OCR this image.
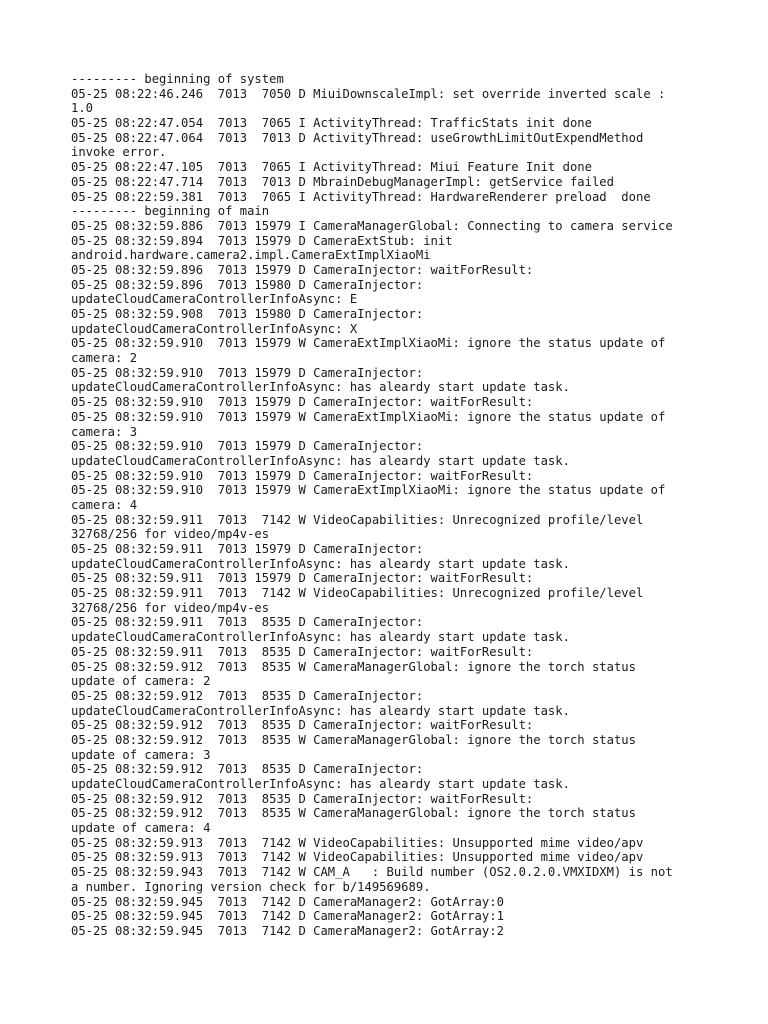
--------- beginning of system
05-25 08:22:46.246  7013  7050 D MiuiDownscaleImpl: set override inverted scale :
1.0
05-25 08:22:47.054  7013  7065 I ActivityThread: TrafficStats init done
05-25 08:22:47.064  7013  7013 D ActivityThread: useGrowthLimitOutExpendMethod
invoke error.
05-25 08:22:47.105  7013  7065 I ActivityThread: Miui Feature Init done
05-25 08:22:47.714  7013  7013 D MbrainDebugManagerImpl: getService failed
05-25 08:22:59.381  7013  7065 I ActivityThread: HardwareRenderer preload  done
--------- beginning of main
05-25 08:32:59.886  7013 15979 I CameraManagerGlobal: Connecting to camera service
05-25 08:32:59.894  7013 15979 D CameraExtStub: init
android.hardware.camera2.impl.CameraExtImplXiaoMi
05-25 08:32:59.896  7013 15979 D CameraInjector: waitForResult:
05-25 08:32:59.896  7013 15980 D CameraInjector:
updateCloudCameraControllerInfoAsync: E
05-25 08:32:59.908  7013 15980 D CameraInjector:
updateCloudCameraControllerInfoAsync: X
05-25 08:32:59.910  7013 15979 W CameraExtImplXiaoMi: ignore the status update of
camera: 2
05-25 08:32:59.910  7013 15979 D CameraInjector:
updateCloudCameraControllerInfoAsync: has aleardy start update task.
05-25 08:32:59.910  7013 15979 D CameraInjector: waitForResult:
05-25 08:32:59.910  7013 15979 W CameraExtImplXiaoMi: ignore the status update of
camera: 3
05-25 08:32:59.910  7013 15979 D CameraInjector:
updateCloudCameraControllerInfoAsync: has aleardy start update task.
05-25 08:32:59.910  7013 15979 D CameraInjector: waitForResult:
05-25 08:32:59.910  7013 15979 W CameraExtImplXiaoMi: ignore the status update of
camera: 4
05-25 08:32:59.911  7013  7142 W VideoCapabilities: Unrecognized profile/level
32768/256 for video/mp4v-es
05-25 08:32:59.911  7013 15979 D CameraInjector:
updateCloudCameraControllerInfoAsync: has aleardy start update task.
05-25 08:32:59.911  7013 15979 D CameraInjector: waitForResult:
05-25 08:32:59.911  7013  7142 W VideoCapabilities: Unrecognized profile/level
32768/256 for video/mp4v-es
05-25 08:32:59.911  7013  8535 D CameraInjector:
updateCloudCameraControllerInfoAsync: has aleardy start update task.
05-25 08:32:59.911  7013  8535 D CameraInjector: waitForResult:
05-25 08:32:59.912  7013  8535 W CameraManagerGlobal: ignore the torch status
update of camera: 2
05-25 08:32:59.912  7013  8535 D CameraInjector:
updateCloudCameraControllerInfoAsync: has aleardy start update task.
05-25 08:32:59.912  7013  8535 D CameraInjector: waitForResult:
05-25 08:32:59.912  7013  8535 W CameraManagerGlobal: ignore the torch status
update of camera: 3
05-25 08:32:59.912  7013  8535 D CameraInjector:
updateCloudCameraControllerInfoAsync: has aleardy start update task.
05-25 08:32:59.912  7013  8535 D CameraInjector: waitForResult:
05-25 08:32:59.912  7013  8535 W CameraManagerGlobal: ignore the torch status
update of camera: 4
05-25 08:32:59.913  7013  7142 W VideoCapabilities: Unsupported mime video/apv
05-25 08:32:59.913  7013  7142 W VideoCapabilities: Unsupported mime video/apv
05-25 08:32:59.943  7013  7142 W CAM_A   : Build number (OS2.0.2.0.VMXIDXM) is not
a number. Ignoring version check for b/149569689.
05-25 08:32:59.945  7013  7142 D CameraManager2: GotArray:0
05-25 08:32:59.945  7013  7142 D CameraManager2: GotArray:1
05-25 08:32:59.945  7013  7142 D CameraManager2: GotArray:2
